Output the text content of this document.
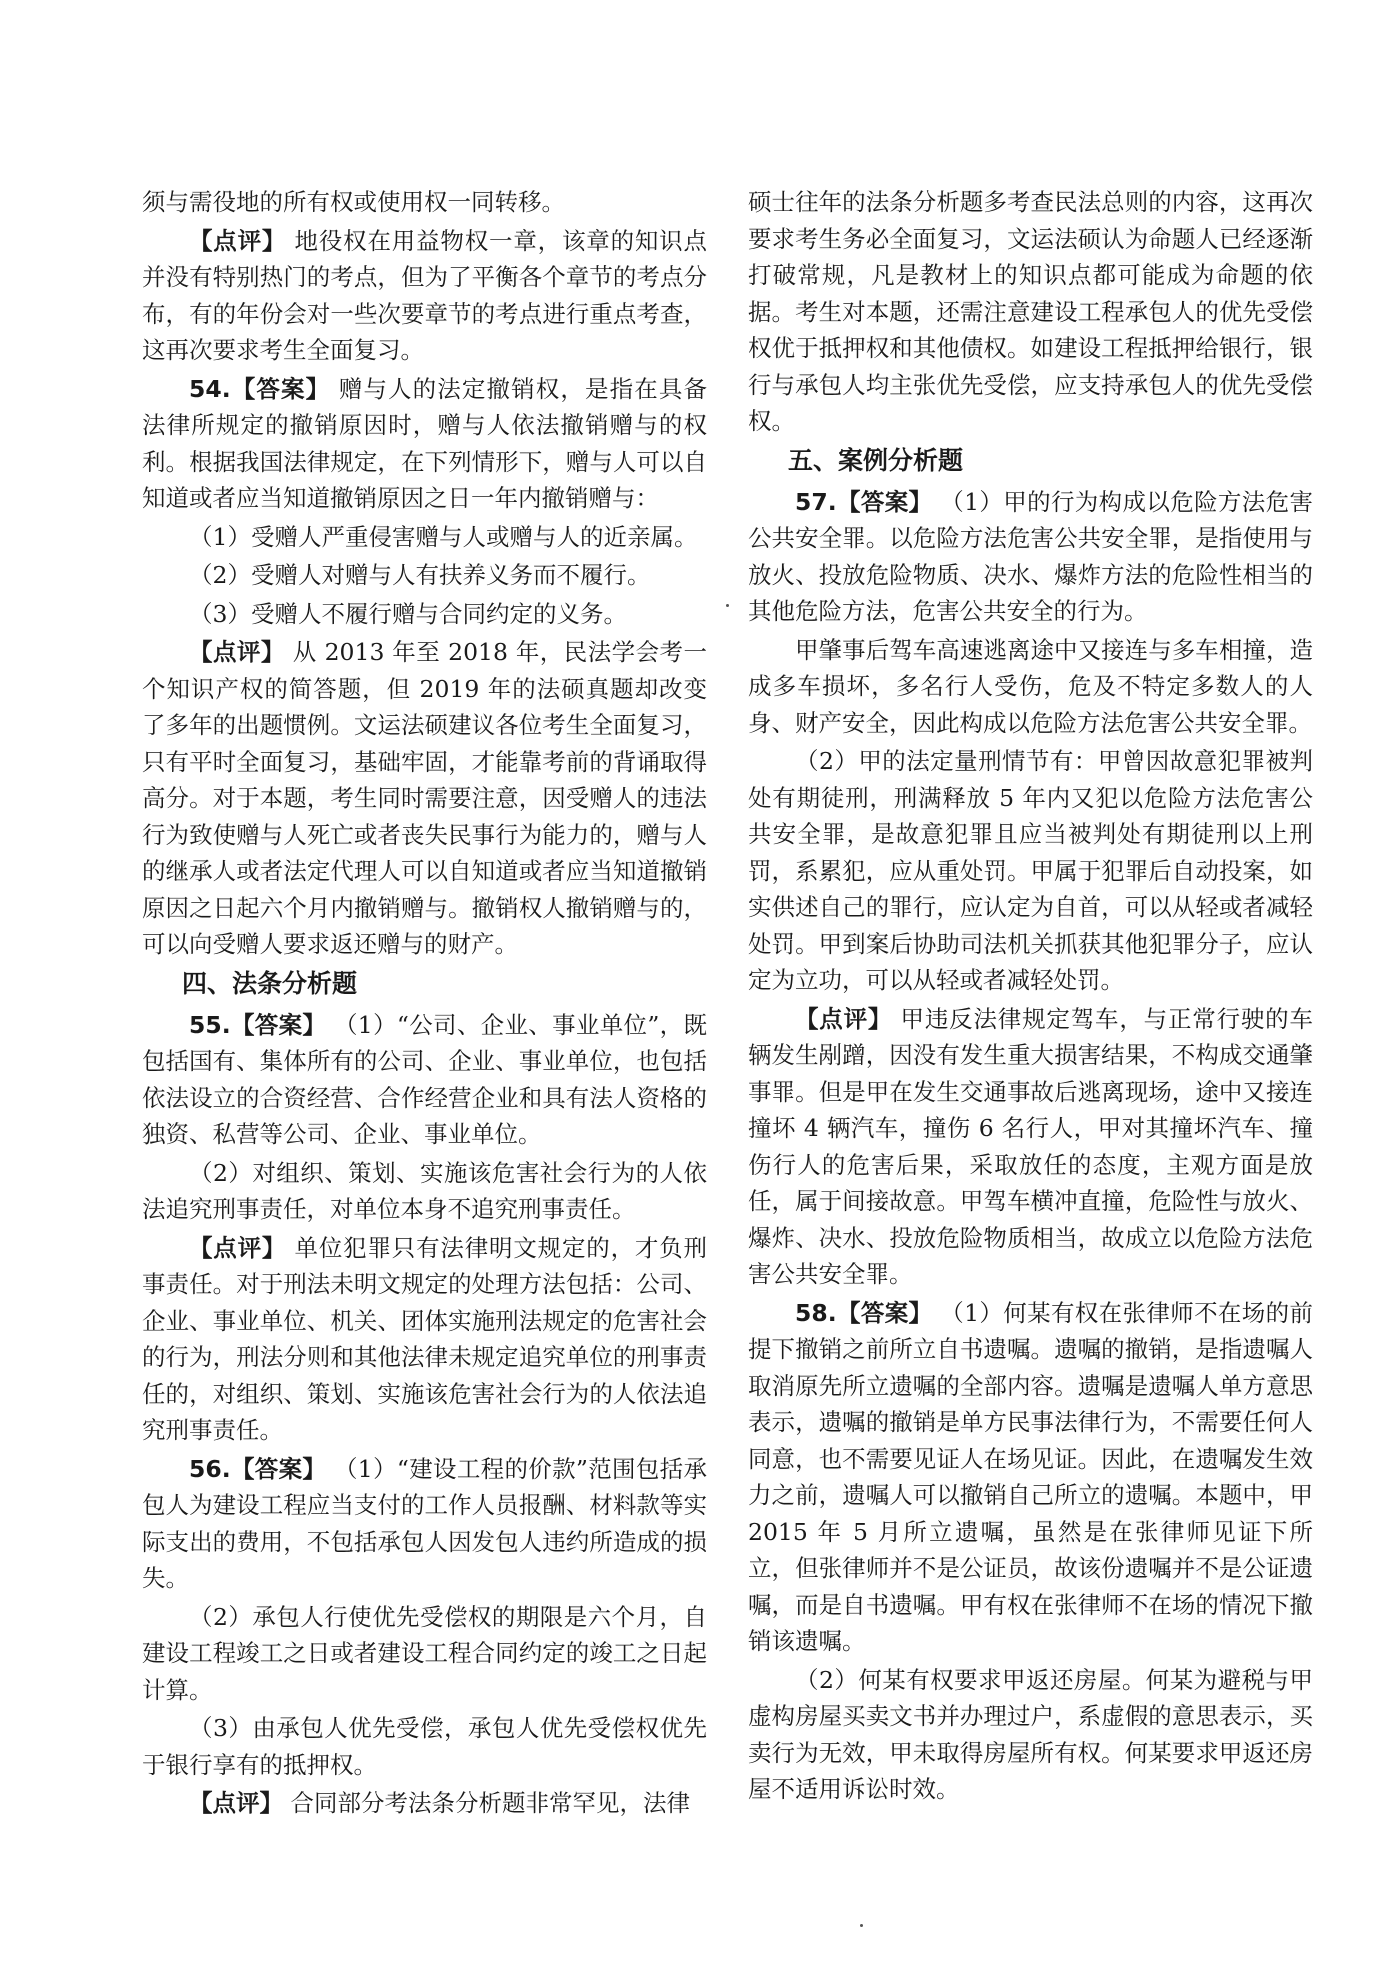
须与需役地的所有权或使用权一同转移。

【点评】 地役权在用益物权一章，该章的知识点并没有特别热门的考点，但为了平衡各个章节的考点分布，有的年份会对一些次要章节的考点进行重点考查，这再次要求考生全面复习。

54.【答案】 赠与人的法定撤销权，是指在具备法律所规定的撤销原因时，赠与人依法撤销赠与的权利。根据我国法律规定，在下列情形下，赠与人可以自知道或者应当知道撤销原因之日一年内撤销赠与：

（1）受赠人严重侵害赠与人或赠与人的近亲属。

（2）受赠人对赠与人有扶养义务而不履行。

（3）受赠人不履行赠与合同约定的义务。

【点评】 从 2013 年至 2018 年，民法学会考一个知识产权的简答题，但 2019 年的法硕真题却改变了多年的出题惯例。文运法硕建议各位考生全面复习，只有平时全面复习，基础牢固，才能靠考前的背诵取得高分。对于本题，考生同时需要注意，因受赠人的违法行为致使赠与人死亡或者丧失民事行为能力的，赠与人的继承人或者法定代理人可以自知道或者应当知道撤销原因之日起六个月内撤销赠与。撤销权人撤销赠与的，可以向受赠人要求返还赠与的财产。

四、法条分析题

55.【答案】 （1）“公司、企业、事业单位”，既包括国有、集体所有的公司、企业、事业单位，也包括依法设立的合资经营、合作经营企业和具有法人资格的独资、私营等公司、企业、事业单位。

（2）对组织、策划、实施该危害社会行为的人依法追究刑事责任，对单位本身不追究刑事责任。

【点评】 单位犯罪只有法律明文规定的，才负刑事责任。对于刑法未明文规定的处理方法包括：公司、企业、事业单位、机关、团体实施刑法规定的危害社会的行为，刑法分则和其他法律未规定追究单位的刑事责任的，对组织、策划、实施该危害社会行为的人依法追究刑事责任。

56.【答案】 （1）“建设工程的价款”范围包括承包人为建设工程应当支付的工作人员报酬、材料款等实际支出的费用，不包括承包人因发包人违约所造成的损失。

（2）承包人行使优先受偿权的期限是六个月，自建设工程竣工之日或者建设工程合同约定的竣工之日起计算。

（3）由承包人优先受偿，承包人优先受偿权优先于银行享有的抵押权。

【点评】 合同部分考法条分析题非常罕见，法律

硕士往年的法条分析题多考查民法总则的内容，这再次要求考生务必全面复习，文运法硕认为命题人已经逐渐打破常规，凡是教材上的知识点都可能成为命题的依据。考生对本题，还需注意建设工程承包人的优先受偿权优于抵押权和其他债权。如建设工程抵押给银行，银行与承包人均主张优先受偿，应支持承包人的优先受偿权。

五、案例分析题

57.【答案】 （1）甲的行为构成以危险方法危害公共安全罪。以危险方法危害公共安全罪，是指使用与放火、投放危险物质、决水、爆炸方法的危险性相当的其他危险方法，危害公共安全的行为。

甲肇事后驾车高速逃离途中又接连与多车相撞，造成多车损坏，多名行人受伤，危及不特定多数人的人身、财产安全，因此构成以危险方法危害公共安全罪。

（2）甲的法定量刑情节有：甲曾因故意犯罪被判处有期徒刑，刑满释放 5 年内又犯以危险方法危害公共安全罪，是故意犯罪且应当被判处有期徒刑以上刑罚，系累犯，应从重处罚。甲属于犯罪后自动投案，如实供述自己的罪行，应认定为自首，可以从轻或者减轻处罚。甲到案后协助司法机关抓获其他犯罪分子，应认定为立功，可以从轻或者减轻处罚。

【点评】 甲违反法律规定驾车，与正常行驶的车辆发生剐蹭，因没有发生重大损害结果，不构成交通肇事罪。但是甲在发生交通事故后逃离现场，途中又接连撞坏 4 辆汽车，撞伤 6 名行人，甲对其撞坏汽车、撞伤行人的危害后果，采取放任的态度，主观方面是放任，属于间接故意。甲驾车横冲直撞，危险性与放火、爆炸、决水、投放危险物质相当，故成立以危险方法危害公共安全罪。

58.【答案】 （1）何某有权在张律师不在场的前提下撤销之前所立自书遗嘱。遗嘱的撤销，是指遗嘱人取消原先所立遗嘱的全部内容。遗嘱是遗嘱人单方意思表示，遗嘱的撤销是单方民事法律行为，不需要任何人同意，也不需要见证人在场见证。因此，在遗嘱发生效力之前，遗嘱人可以撤销自己所立的遗嘱。本题中，甲 2015 年 5 月所立遗嘱，虽然是在张律师见证下所立，但张律师并不是公证员，故该份遗嘱并不是公证遗嘱，而是自书遗嘱。甲有权在张律师不在场的情况下撤销该遗嘱。

（2）何某有权要求甲返还房屋。何某为避税与甲虚构房屋买卖文书并办理过户，系虚假的意思表示，买卖行为无效，甲未取得房屋所有权。何某要求甲返还房屋不适用诉讼时效。
